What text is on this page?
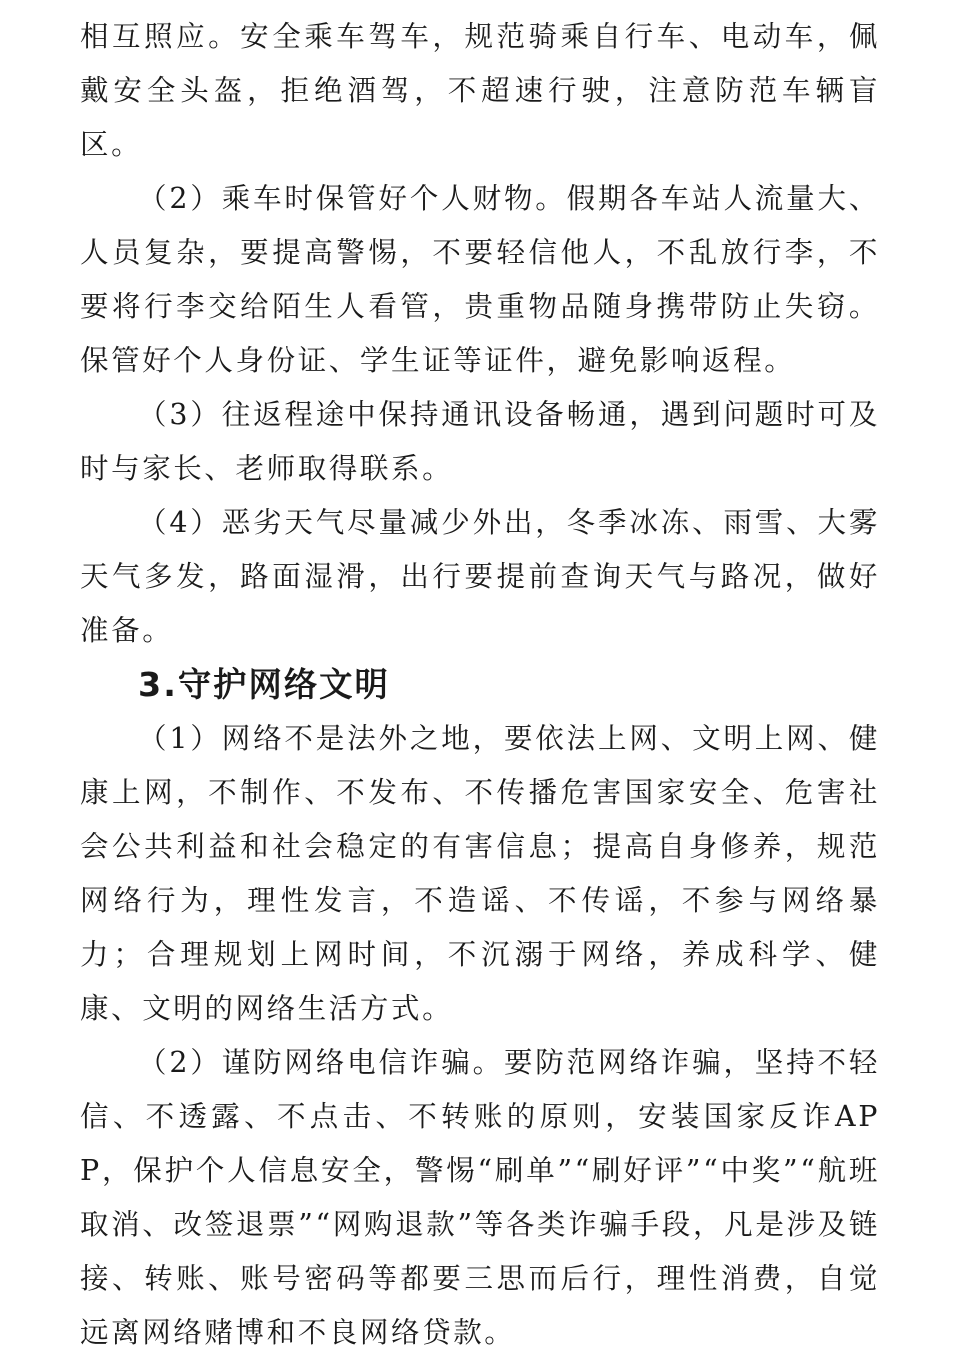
相互照应。安全乘车驾车，规范骑乘自行车、电动车，佩戴安全头盔，拒绝酒驾，不超速行驶，注意防范车辆盲区。

（2）乘车时保管好个人财物。假期各车站人流量大、人员复杂，要提高警惕，不要轻信他人，不乱放行李，不要将行李交给陌生人看管，贵重物品随身携带防止失窃。保管好个人身份证、学生证等证件，避免影响返程。

（3）往返程途中保持通讯设备畅通，遇到问题时可及时与家长、老师取得联系。

（4）恶劣天气尽量减少外出，冬季冰冻、雨雪、大雾天气多发，路面湿滑，出行要提前查询天气与路况，做好准备。

3.守护网络文明

（1）网络不是法外之地，要依法上网、文明上网、健康上网，不制作、不发布、不传播危害国家安全、危害社会公共利益和社会稳定的有害信息；提高自身修养，规范网络行为，理性发言，不造谣、不传谣，不参与网络暴力；合理规划上网时间，不沉溺于网络，养成科学、健康、文明的网络生活方式。

（2）谨防网络电信诈骗。要防范网络诈骗，坚持不轻信、不透露、不点击、不转账的原则，安装国家反诈APP，保护个人信息安全，警惕“刷单”“刷好评”“中奖”“航班取消、改签退票”“网购退款”等各类诈骗手段，凡是涉及链接、转账、账号密码等都要三思而后行，理性消费，自觉远离网络赌博和不良网络贷款。
